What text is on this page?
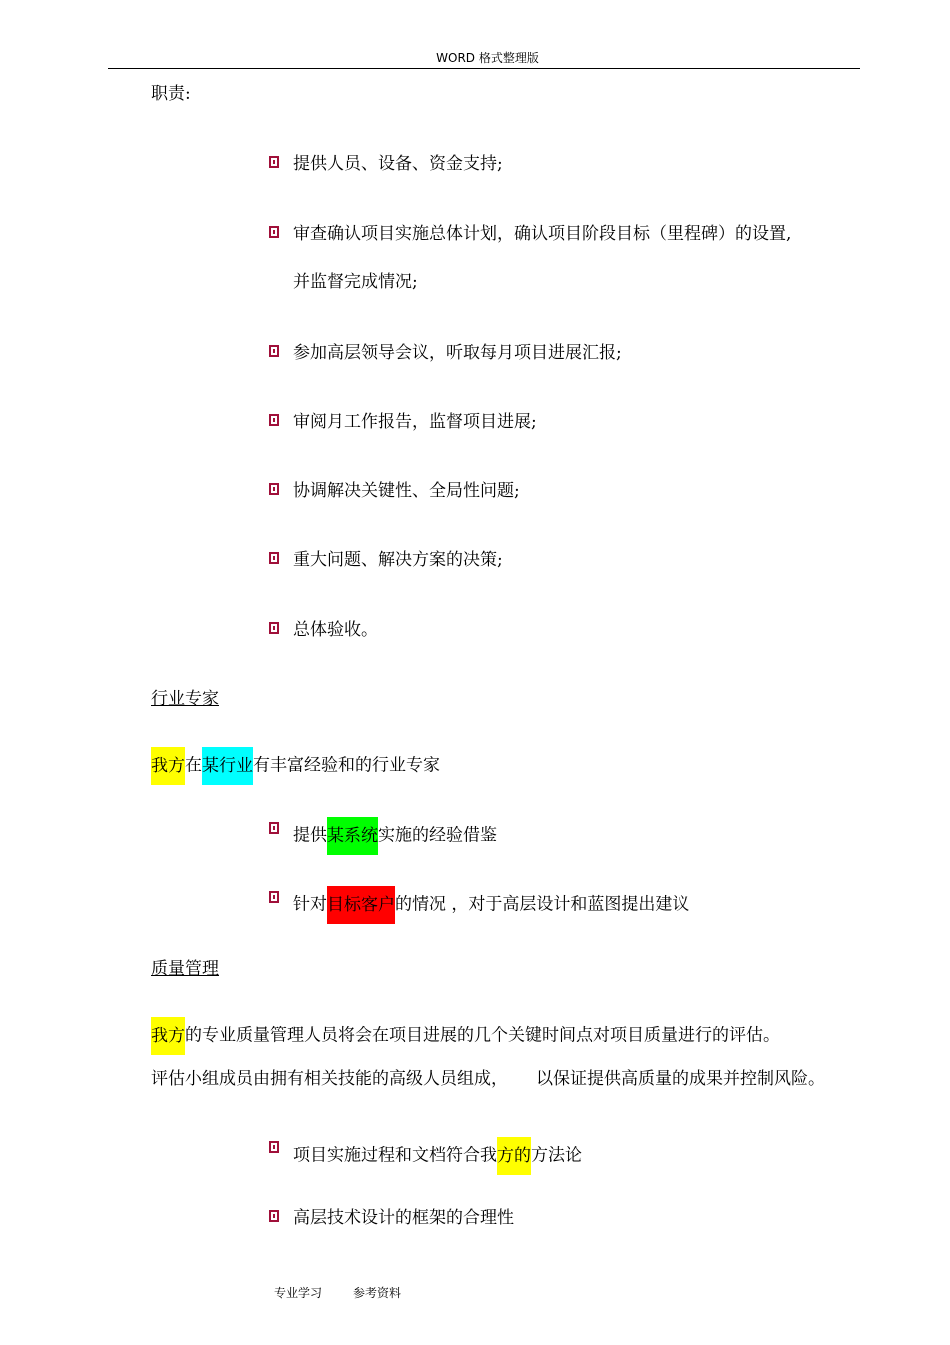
WORD 格式整理版
职责:
提供人员、设备、资金支持;
审查确认项目实施总体计划，确认项目阶段目标（里程碑）的设置,
并监督完成情况;
参加高层领导会议，听取每月项目进展汇报;
审阅月工作报告，监督项目进展;
协调解决关键性、全局性问题;
重大问题、解决方案的决策;
总体验收。
行业专家
我方在某行业有丰富经验和的行业专家
提供某系统实施的经验借鉴
针对目标客户的情况 ，对于高层设计和蓝图提出建议
质量管理
我方的专业质量管理人员将会在项目进展的几个关键时间点对项目质量进行的评估。
评估小组成员由拥有相关技能的高级人员组成， 以保证提供高质量的成果并控制风险。
项目实施过程和文档符合我方的方法论
高层技术设计的框架的合理性
专业学习	参考资料
